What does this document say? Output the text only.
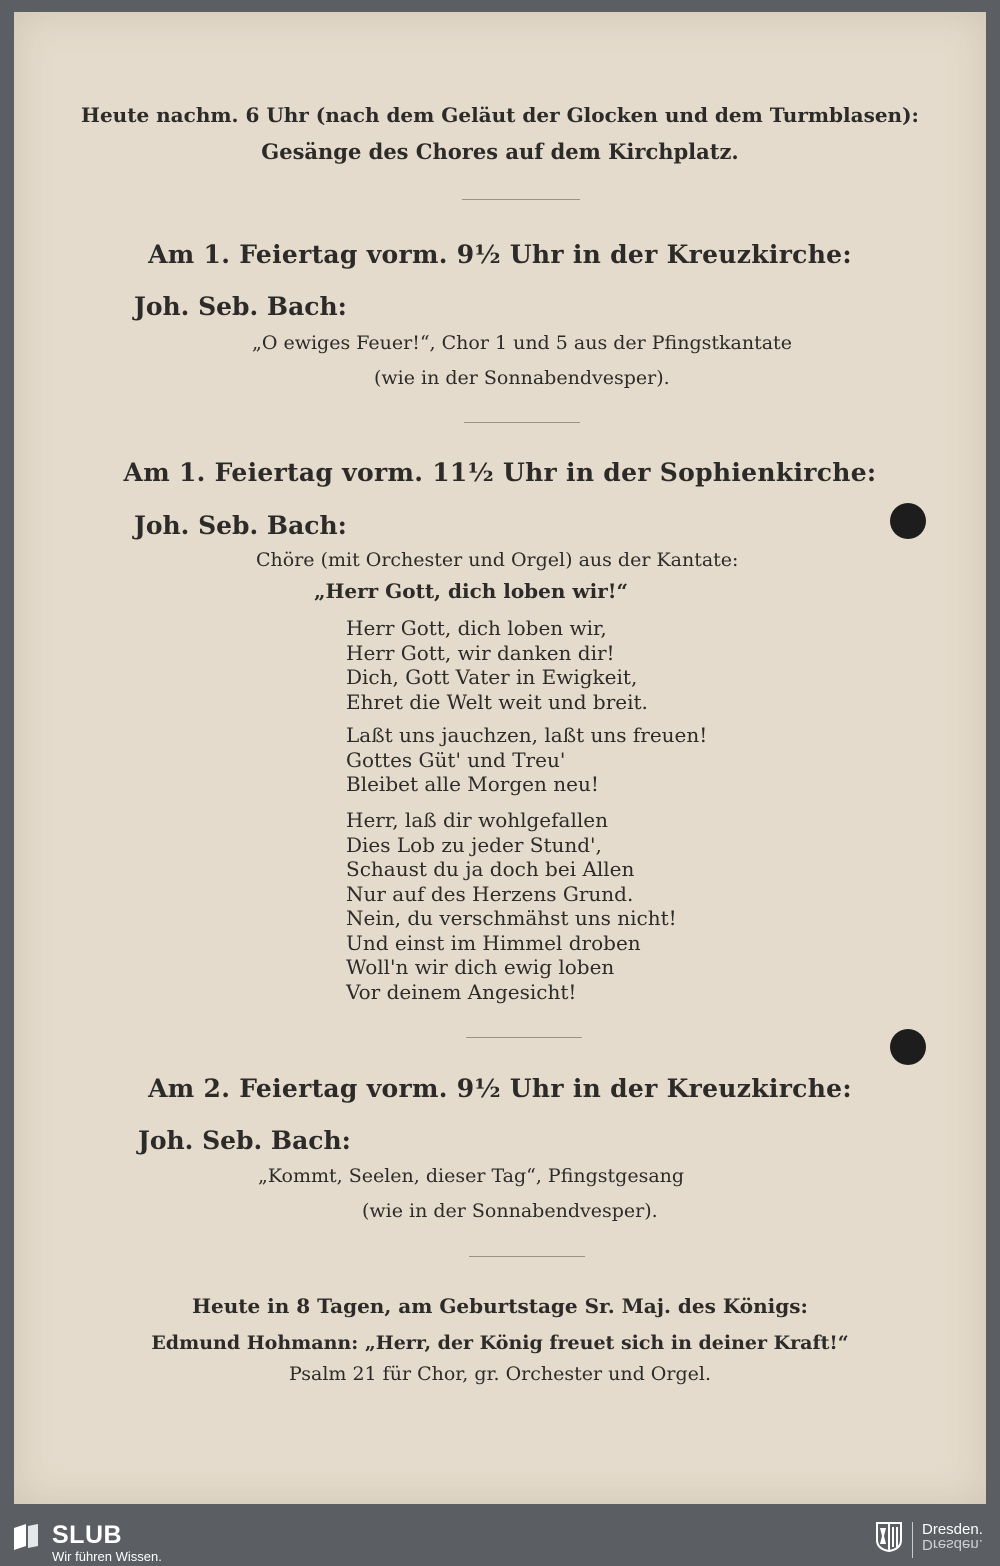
Heute nachm. 6 Uhr (nach dem Geläut der Glocken und dem Turmblasen):
Gesänge des Chores auf dem Kirchplatz.
Am 1. Feiertag vorm. 9½ Uhr in der Kreuzkirche:
Joh. Seb. Bach:
„O ewiges Feuer!“, Chor 1 und 5 aus der Pfingstkantate
(wie in der Sonnabendvesper).
Am 1. Feiertag vorm. 11½ Uhr in der Sophienkirche:
Joh. Seb. Bach:
Chöre (mit Orchester und Orgel) aus der Kantate:
„Herr Gott, dich loben wir!“
Herr Gott, dich loben wir,
Herr Gott, wir danken dir!
Dich, Gott Vater in Ewigkeit,
Ehret die Welt weit und breit.
Laßt uns jauchzen, laßt uns freuen!
Gottes Güt' und Treu'
Bleibet alle Morgen neu!
Herr, laß dir wohlgefallen
Dies Lob zu jeder Stund',
Schaust du ja doch bei Allen
Nur auf des Herzens Grund.
Nein, du verschmähst uns nicht!
Und einst im Himmel droben
Woll'n wir dich ewig loben
Vor deinem Angesicht!
Am 2. Feiertag vorm. 9½ Uhr in der Kreuzkirche:
Joh. Seb. Bach:
„Kommt, Seelen, dieser Tag“, Pfingstgesang
(wie in der Sonnabendvesper).
Heute in 8 Tagen, am Geburtstage Sr. Maj. des Königs:
Edmund Hohmann: „Herr, der König freuet sich in deiner Kraft!“
Psalm 21 für Chor, gr. Orchester und Orgel.
SLUB
Wir führen Wissen.
Dresden.
Dresden.
